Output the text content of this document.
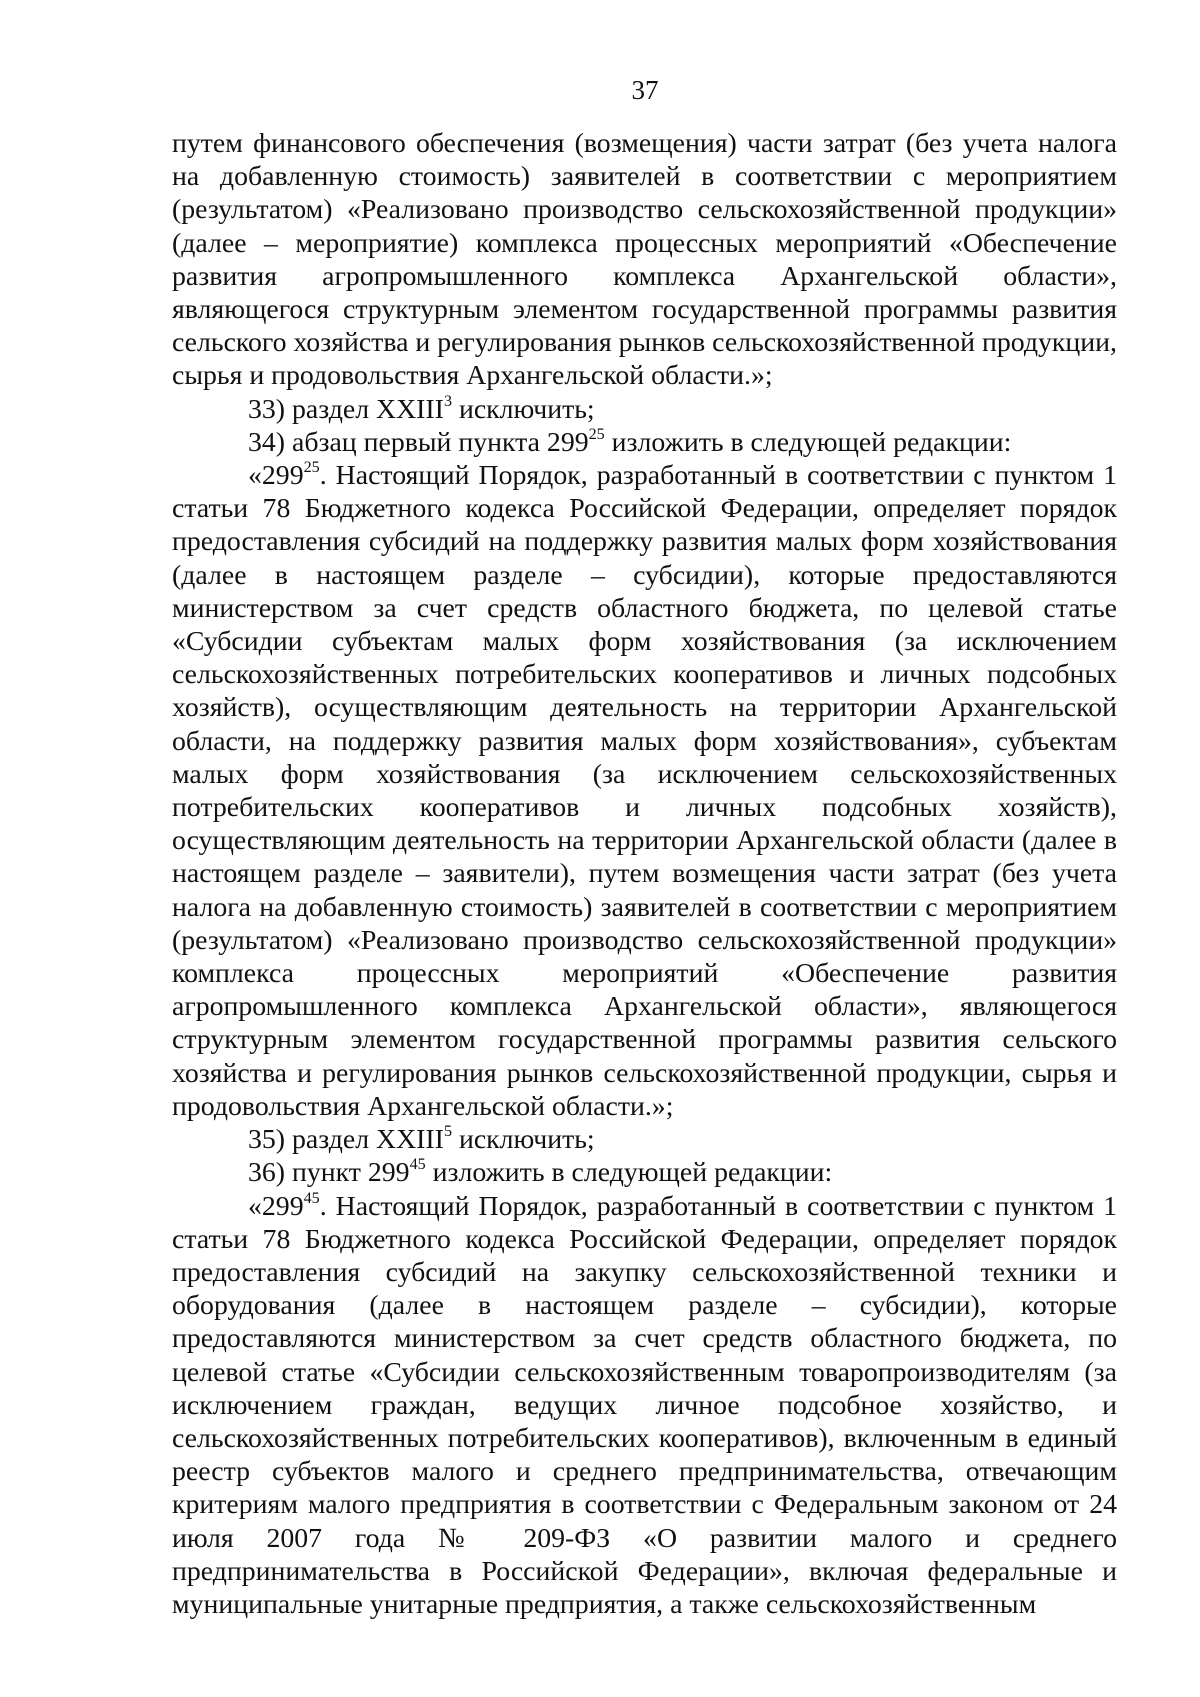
37

путем финансового обеспечения (возмещения) части затрат (без учета налога на добавленную стоимость) заявителей в соответствии с мероприятием (результатом) «Реализовано производство сельскохозяйственной продукции» (далее – мероприятие) комплекса процессных мероприятий «Обеспечение развития агропромышленного комплекса Архангельской области», являющегося структурным элементом государственной программы развития сельского хозяйства и регулирования рынков сельскохозяйственной продукции, сырья и продовольствия Архангельской области.»;

33) раздел XXIII$^3$ исключить;

34) абзац первый пункта $299^{25}$ изложить в следующей редакции:

«$299^{25}$. Настоящий Порядок, разработанный в соответствии с пунктом 1 статьи 78 Бюджетного кодекса Российской Федерации, определяет порядок предоставления субсидий на поддержку развития малых форм хозяйствования (далее в настоящем разделе – субсидии), которые предоставляются министерством за счет средств областного бюджета, по целевой статье «Субсидии субъектам малых форм хозяйствования (за исключением сельскохозяйственных потребительских кооперативов и личных подсобных хозяйств), осуществляющим деятельность на территории Архангельской области, на поддержку развития малых форм хозяйствования», субъектам малых форм хозяйствования (за исключением сельскохозяйственных потребительских кооперативов и личных подсобных хозяйств), осуществляющим деятельность на территории Архангельской области (далее в настоящем разделе – заявители), путем возмещения части затрат (без учета налога на добавленную стоимость) заявителей в соответствии с мероприятием (результатом) «Реализовано производство сельскохозяйственной продукции» комплекса процессных мероприятий «Обеспечение развития агропромышленного комплекса Архангельской области», являющегося структурным элементом государственной программы развития сельского хозяйства и регулирования рынков сельскохозяйственной продукции, сырья и продовольствия Архангельской области.»;

35) раздел XXIII$^5$ исключить;

36) пункт $299^{45}$ изложить в следующей редакции:

«$299^{45}$. Настоящий Порядок, разработанный в соответствии с пунктом 1 статьи 78 Бюджетного кодекса Российской Федерации, определяет порядок предоставления субсидий на закупку сельскохозяйственной техники и оборудования (далее в настоящем разделе – субсидии), которые предоставляются министерством за счет средств областного бюджета, по целевой статье «Субсидии сельскохозяйственным товаропроизводителям (за исключением граждан, ведущих личное подсобное хозяйство, и сельскохозяйственных потребительских кооперативов), включенным в единый реестр субъектов малого и среднего предпринимательства, отвечающим критериям малого предприятия в соответствии с Федеральным законом от 24 июля 2007 года № 209-ФЗ «О развитии малого и среднего предпринимательства в Российской Федерации», включая федеральные и муниципальные унитарные предприятия, а также сельскохозяйственным
